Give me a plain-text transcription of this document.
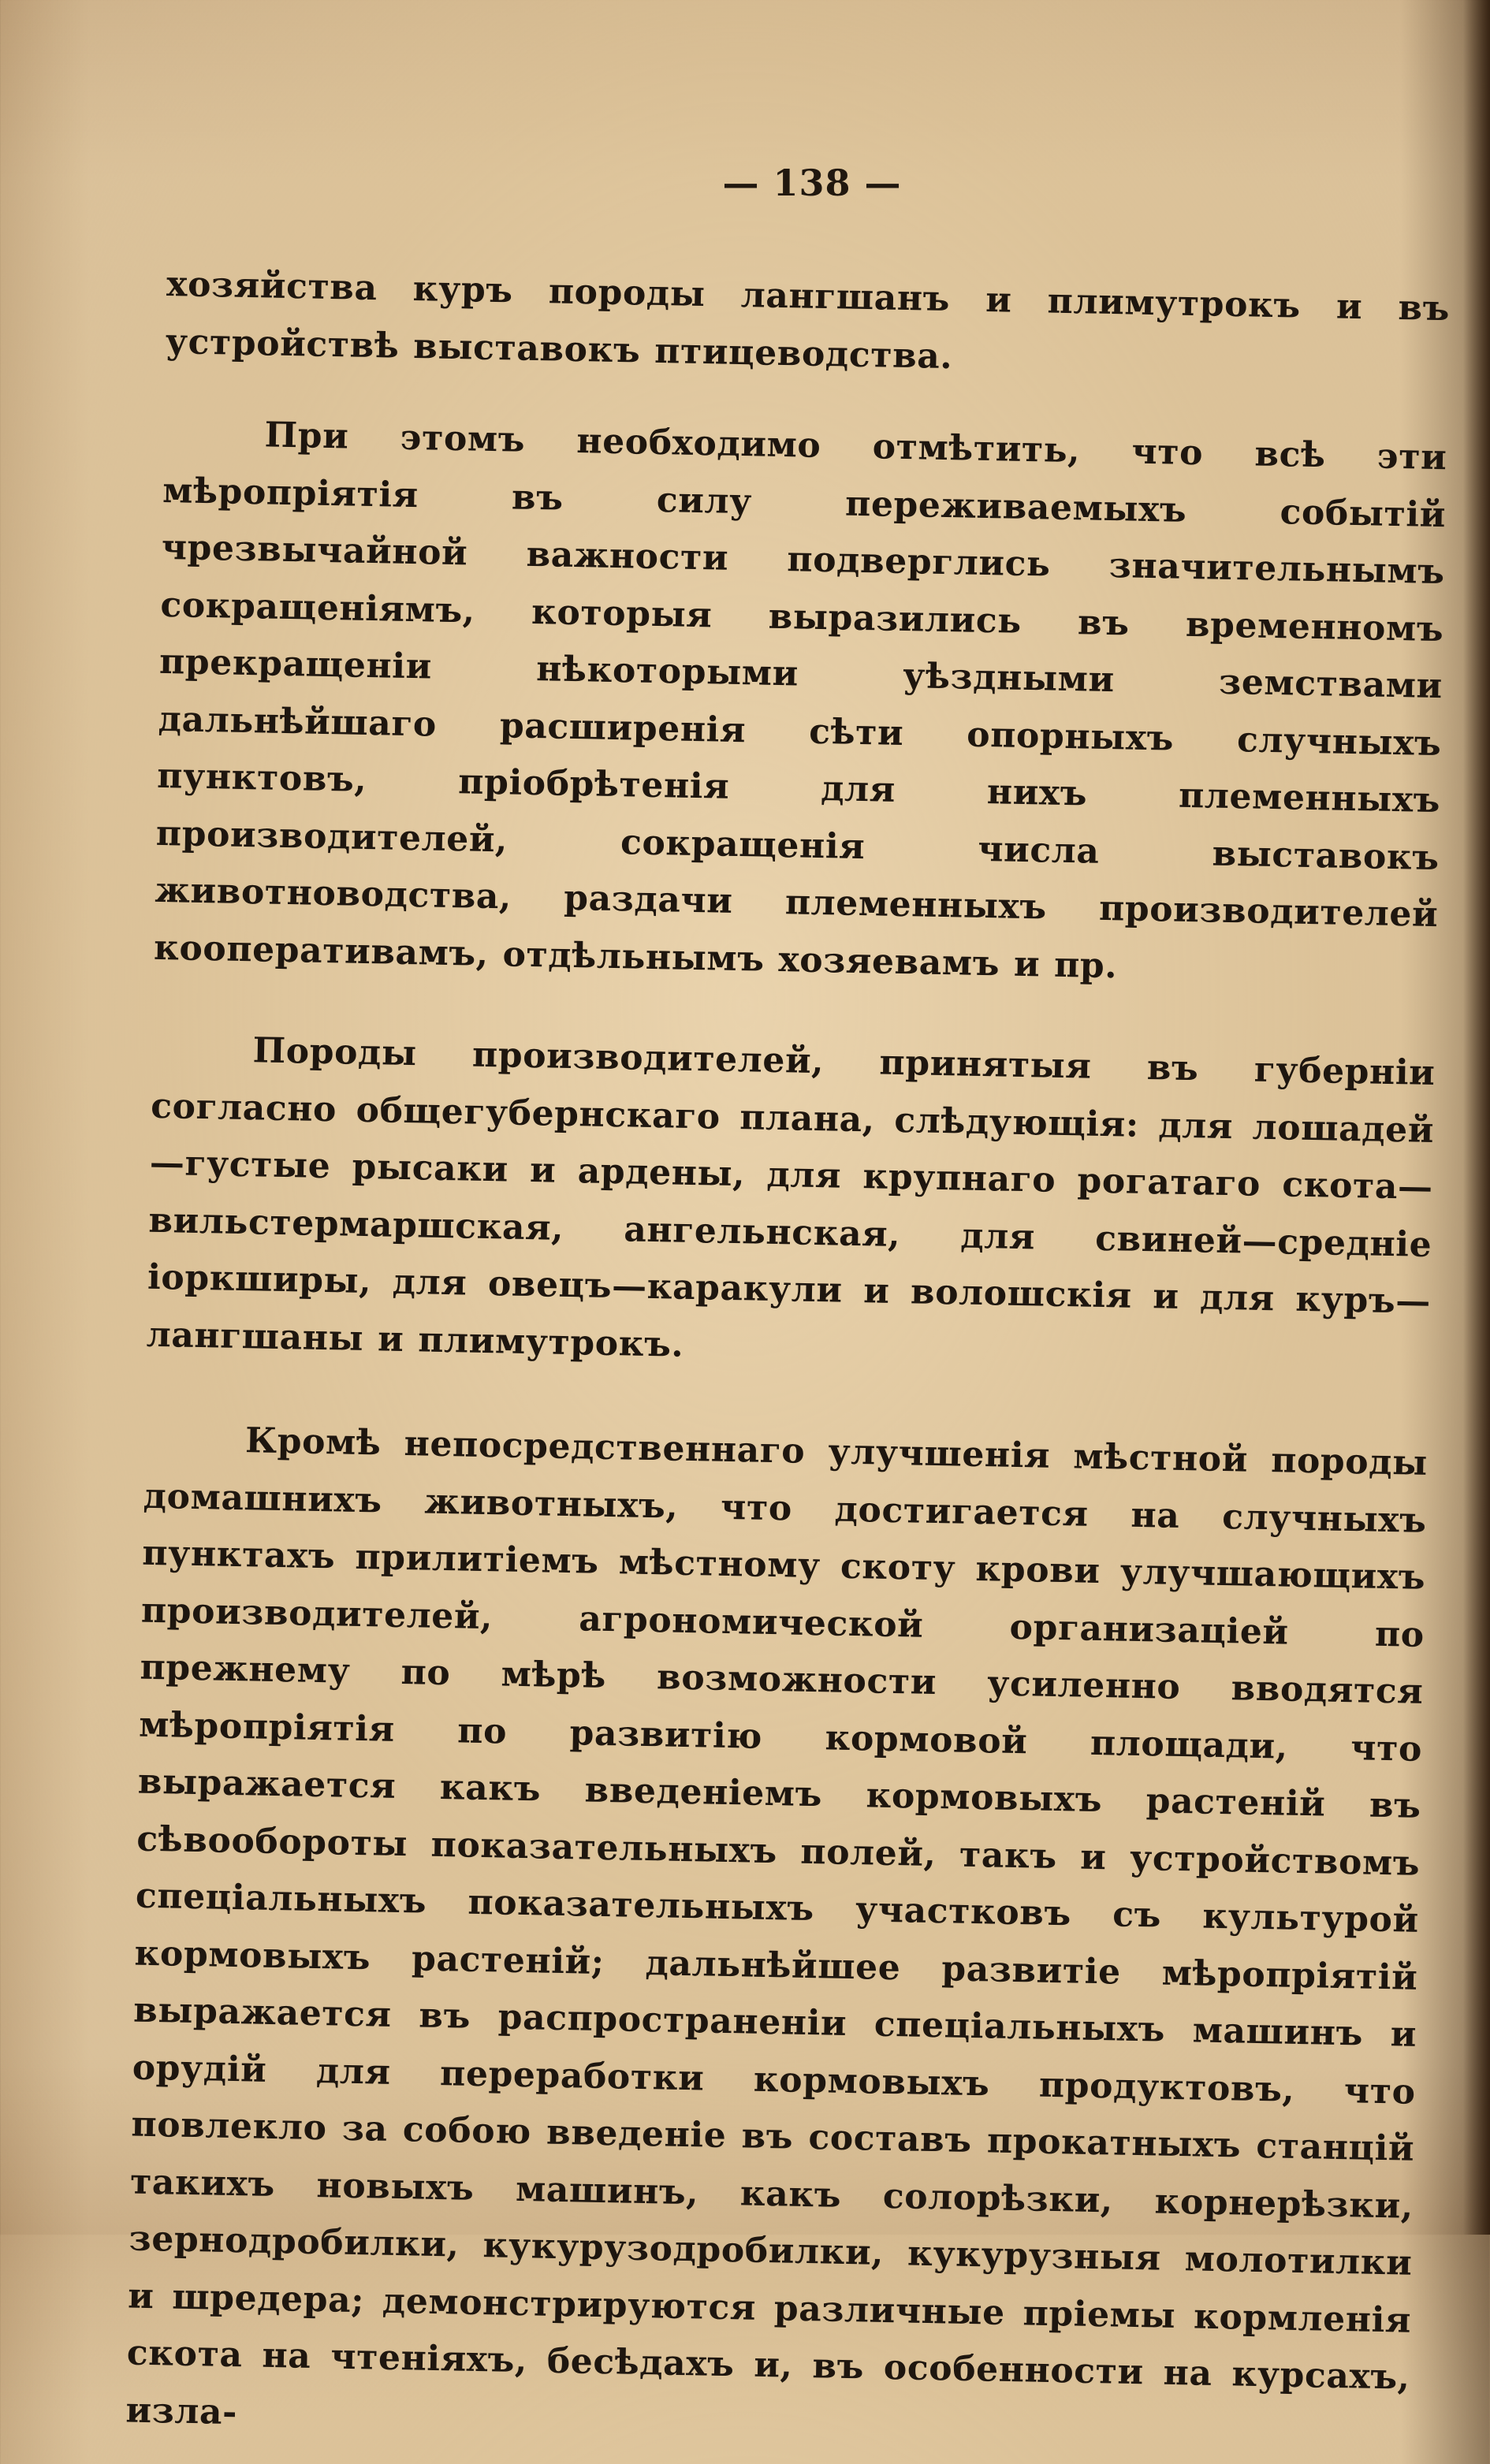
— 138 —

хозяйства куръ породы лангшанъ и плимутрокъ и въ устройствѣ выставокъ птицеводства.

При этомъ необходимо отмѣтить, что всѣ эти мѣропріятія въ силу переживаемыхъ событій чрезвычайной важности подверглись значительнымъ сокращеніямъ, которыя выразились въ временномъ прекращеніи нѣкоторыми уѣздными земствами дальнѣйшаго расширенія сѣти опорныхъ случныхъ пунктовъ, пріобрѣтенія для нихъ племенныхъ производителей, сокращенія числа выставокъ животноводства, раздачи племенныхъ производителей кооперативамъ, отдѣльнымъ хозяевамъ и пр.

Породы производителей, принятыя въ губерніи согласно общегубернскаго плана, слѣдующія: для лошадей—густые рысаки и ардены, для крупнаго рогатаго скота—вильстермаршская, ангельнская, для свиней—средніе іоркширы, для овецъ—каракули и волошскія и для куръ—лангшаны и плимутрокъ.

Кромѣ непосредственнаго улучшенія мѣстной породы домашнихъ животныхъ, что достигается на случныхъ пунктахъ прилитіемъ мѣстному скоту крови улучшающихъ производителей, агрономической организаціей по прежнему по мѣрѣ возможности усиленно вводятся мѣропріятія по развитію кормовой площади, что выражается какъ введеніемъ кормовыхъ растеній въ сѣвообороты показательныхъ полей, такъ и устройствомъ спеціальныхъ показательныхъ участковъ съ культурой кормовыхъ растеній; дальнѣйшее развитіе мѣропріятій выражается въ распространеніи спеціальныхъ машинъ и орудій для переработки кормовыхъ продуктовъ, что повлекло за собою введеніе въ составъ прокатныхъ станцій такихъ новыхъ машинъ, какъ солорѣзки, корнерѣзки, зернодробилки, кукурузодробилки, кукурузныя молотилки и шредера; демонстрируются различные пріемы кормленія скота на чтеніяхъ, бесѣдахъ и, въ особенности на курсахъ, изла-
